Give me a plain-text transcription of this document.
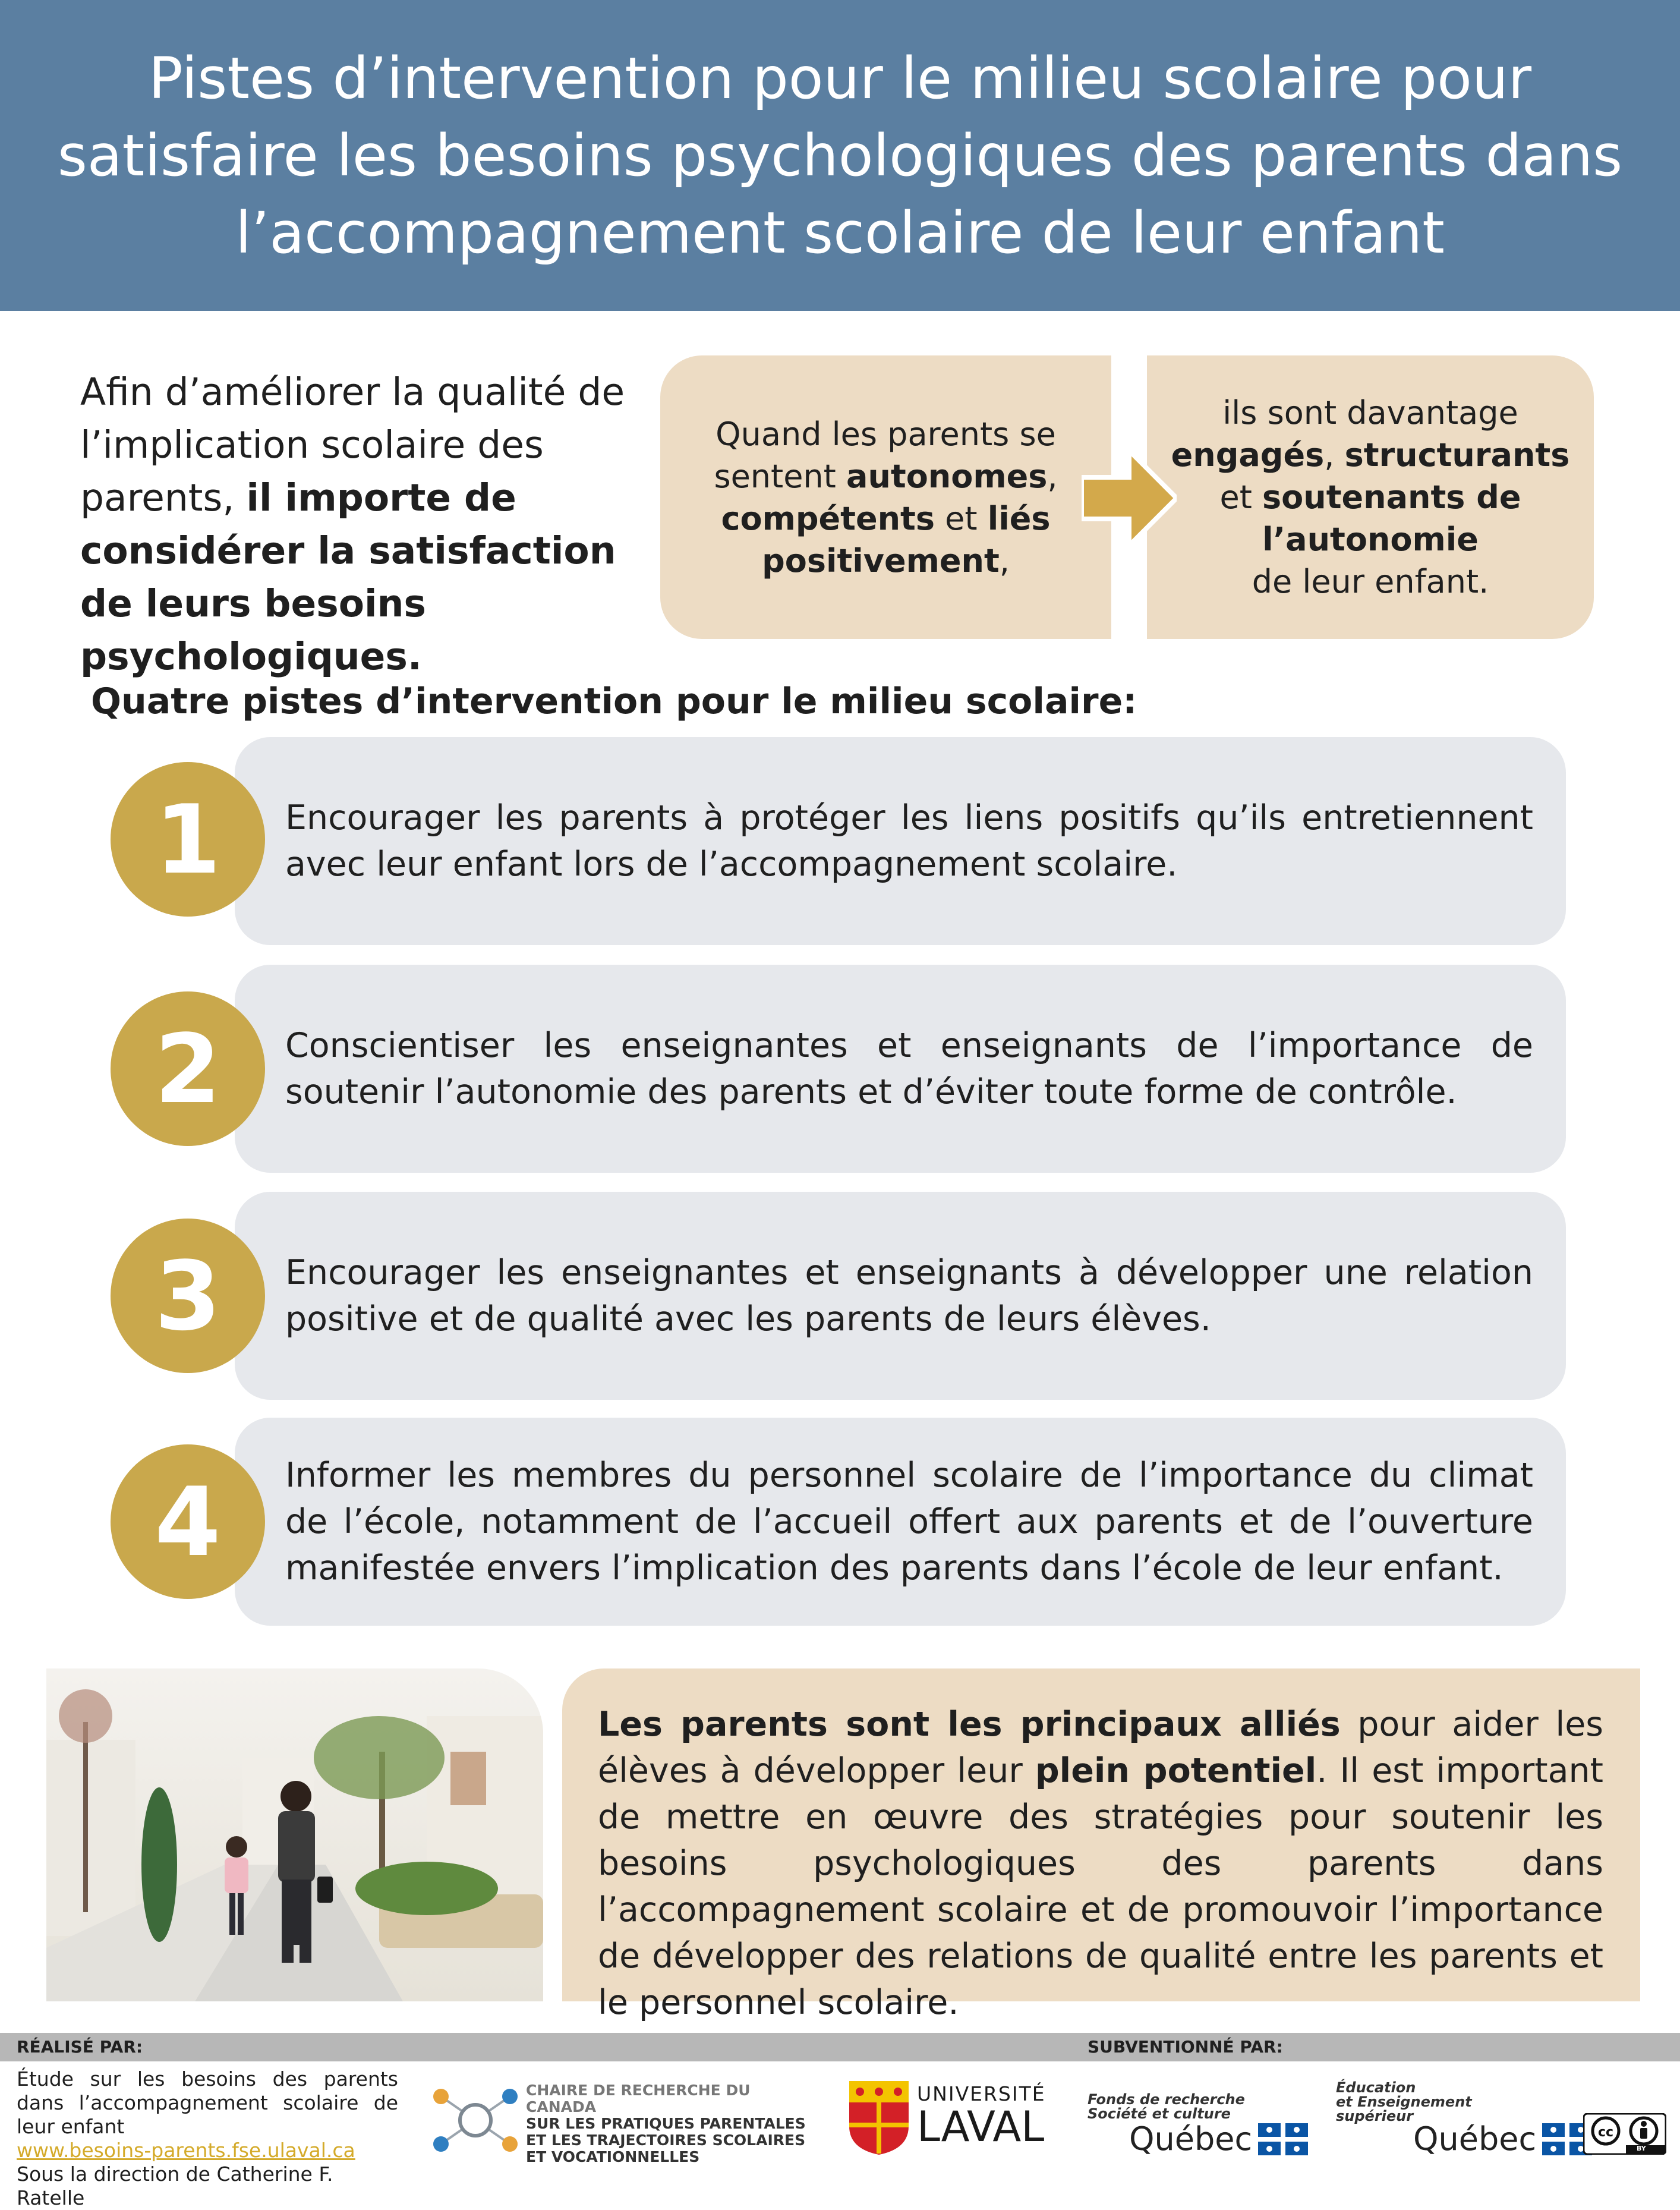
Pistes d’intervention pour le milieu scolaire pour
satisfaire les besoins psychologiques des parents dans
l’accompagnement scolaire de leur enfant
Afin d’améliorer la qualité de l’implication scolaire des parents, il importe de considérer la satisfaction de leurs besoins psychologiques.
Quand les parents se sentent autonomes, compétents et liés positivement,
ils sont davantage
engagés, structurants et soutenants de l’autonomie
de leur enfant.
Quatre pistes d’intervention pour le milieu scolaire:

Encourager les parents à protéger les liens positifs qu’ils entretiennent avec leur enfant lors de l’accompagnement scolaire.

1

Conscientiser les enseignantes et enseignants de l’importance de soutenir l’autonomie des parents et d’éviter toute forme de contrôle.

2

Encourager les enseignantes et enseignants à développer une relation positive et de qualité avec les parents de leurs élèves.

3

Informer les membres du personnel scolaire de l’importance du climat de l’école, notamment de l’accueil offert aux parents et de l’ouverture manifestée envers l’implication des parents dans l’école de leur enfant.

4

Les parents sont les principaux alliés pour aider les élèves à développer leur plein potentiel. Il est important de mettre en œuvre des stratégies pour soutenir les besoins psychologiques des parents dans l’accompagnement scolaire et de promouvoir l’importance de développer des relations de qualité entre les parents et le personnel scolaire.

RÉALISÉ PAR:	SUBVENTIONNÉ PAR:
Étude sur les besoins des parents dans l’accompagnement scolaire de leur enfant
www.besoins-parents.fse.ulaval.ca
Sous la direction de Catherine F. Ratelle
CHAIRE DE RECHERCHE DU CANADA
SUR LES PRATIQUES PARENTALES
ET LES TRAJECTOIRES SCOLAIRES
ET VOCATIONNELLES
UNIVERSITÉ
LAVAL
Fonds de recherche
Société et culture
Québec
Éducation
et Enseignement
supérieur
Québec	cc
BY
